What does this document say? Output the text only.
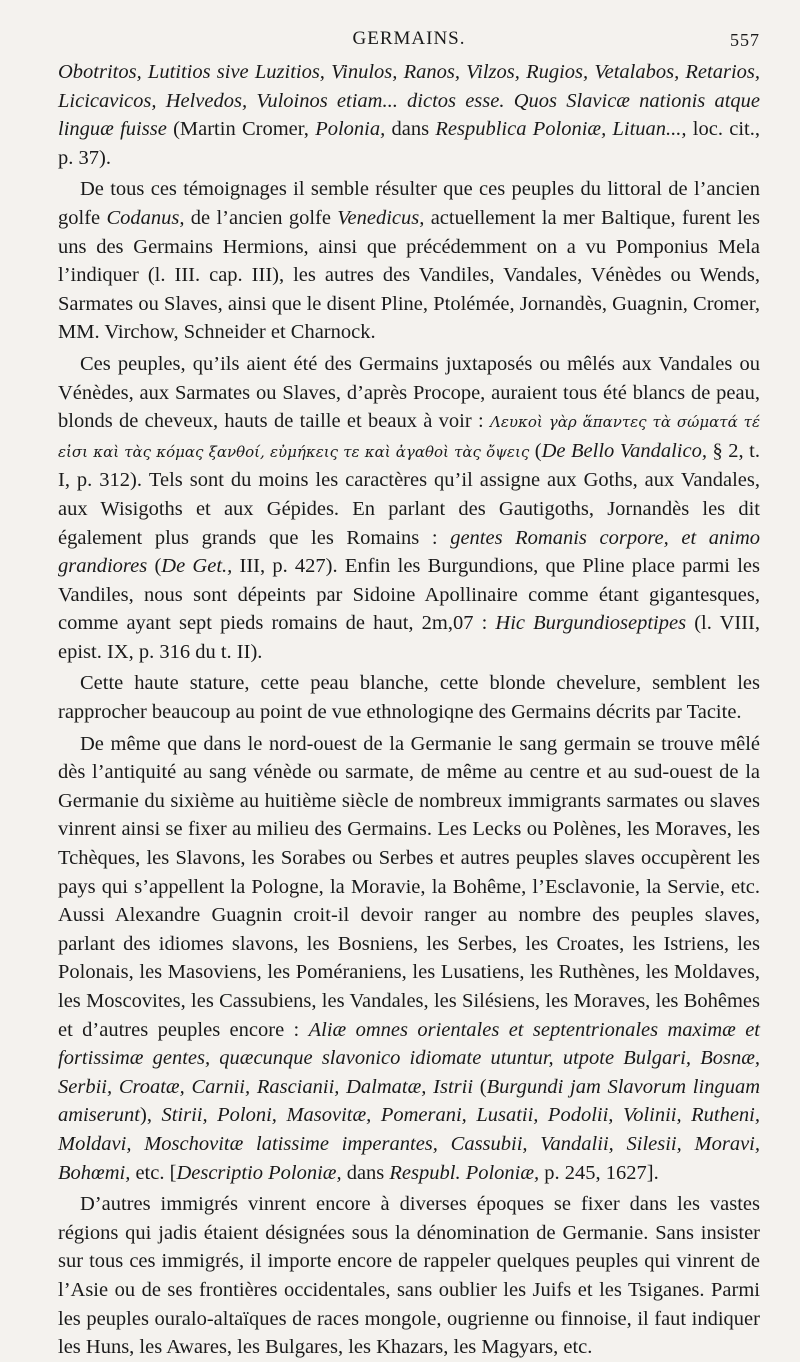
GERMAINS.	557

Obotritos, Lutitios sive Luzitios, Vinulos, Ranos, Vilzos, Rugios, Vetalabos, Retarios, Licicavicos, Helvedos, Vuloinos etiam... dictos esse. Quos Slavicæ nationis atque linguæ fuisse (Martin Cromer, Polonia, dans Respublica Poloniæ, Lituan..., loc. cit., p. 37).

De tous ces témoignages il semble résulter que ces peuples du littoral de l’ancien golfe Codanus, de l’ancien golfe Venedicus, actuellement la mer Baltique, furent les uns des Germains Hermions, ainsi que précédemment on a vu Pomponius Mela l’indiquer (l. III. cap. III), les autres des Vandiles, Vandales, Vénèdes ou Wends, Sarmates ou Slaves, ainsi que le disent Pline, Ptolémée, Jornandès, Guagnin, Cromer, MM. Virchow, Schneider et Charnock.

Ces peuples, qu’ils aient été des Germains juxtaposés ou mêlés aux Vandales ou Vénèdes, aux Sarmates ou Slaves, d’après Procope, auraient tous été blancs de peau, blonds de cheveux, hauts de taille et beaux à voir : Λευκοὶ γὰρ ἅπαντες τὰ σώματά τέ εἰσι καὶ τὰς κόμας ξανθοί, εὐμήκεις τε καὶ ἀγαθοὶ τὰς ὄψεις (De Bello Vandalico, § 2, t. I, p. 312). Tels sont du moins les caractères qu’il assigne aux Goths, aux Vandales, aux Wisigoths et aux Gépides. En parlant des Gautigoths, Jornandès les dit également plus grands que les Romains : gentes Romanis corpore, et animo grandiores (De Get., III, p. 427). Enfin les Burgundions, que Pline place parmi les Vandiles, nous sont dépeints par Sidoine Apollinaire comme étant gigantesques, comme ayant sept pieds romains de haut, 2m,07 : Hic Burgundioseptipes (l. VIII, epist. IX, p. 316 du t. II).

Cette haute stature, cette peau blanche, cette blonde chevelure, semblent les rapprocher beaucoup au point de vue ethnologiqne des Germains décrits par Tacite.

De même que dans le nord-ouest de la Germanie le sang germain se trouve mêlé dès l’antiquité au sang vénède ou sarmate, de même au centre et au sud-ouest de la Germanie du sixième au huitième siècle de nombreux immigrants sarmates ou slaves vinrent ainsi se fixer au milieu des Germains. Les Lecks ou Polènes, les Moraves, les Tchèques, les Slavons, les Sorabes ou Serbes et autres peuples slaves occupèrent les pays qui s’appellent la Pologne, la Moravie, la Bohême, l’Esclavonie, la Servie, etc. Aussi Alexandre Guagnin croit-il devoir ranger au nombre des peuples slaves, parlant des idiomes slavons, les Bosniens, les Serbes, les Croates, les Istriens, les Polonais, les Masoviens, les Poméraniens, les Lusatiens, les Ruthènes, les Moldaves, les Moscovites, les Cassubiens, les Vandales, les Silésiens, les Moraves, les Bohêmes et d’autres peuples encore : Aliæ omnes orientales et septentrionales maximæ et fortissimæ gentes, quæcunque slavonico idiomate utuntur, utpote Bulgari, Bosnæ, Serbii, Croatæ, Carnii, Rascianii, Dalmatæ, Istrii (Burgundi jam Slavorum linguam amiserunt), Stirii, Poloni, Masovitæ, Pomerani, Lusatii, Podolii, Volinii, Rutheni, Moldavi, Moschovitæ latissime imperantes, Cassubii, Vandalii, Silesii, Moravi, Bohœmi, etc. [Descriptio Poloniæ, dans Respubl. Poloniæ, p. 245, 1627].

D’autres immigrés vinrent encore à diverses époques se fixer dans les vastes régions qui jadis étaient désignées sous la dénomination de Germanie. Sans insister sur tous ces immigrés, il importe encore de rappeler quelques peuples qui vinrent de l’Asie ou de ses frontières occidentales, sans oublier les Juifs et les Tsiganes. Parmi les peuples ouralo-altaïques de races mongole, ougrienne ou finnoise, il faut indiquer les Huns, les Awares, les Bulgares, les Khazars, les Magyars, etc.
